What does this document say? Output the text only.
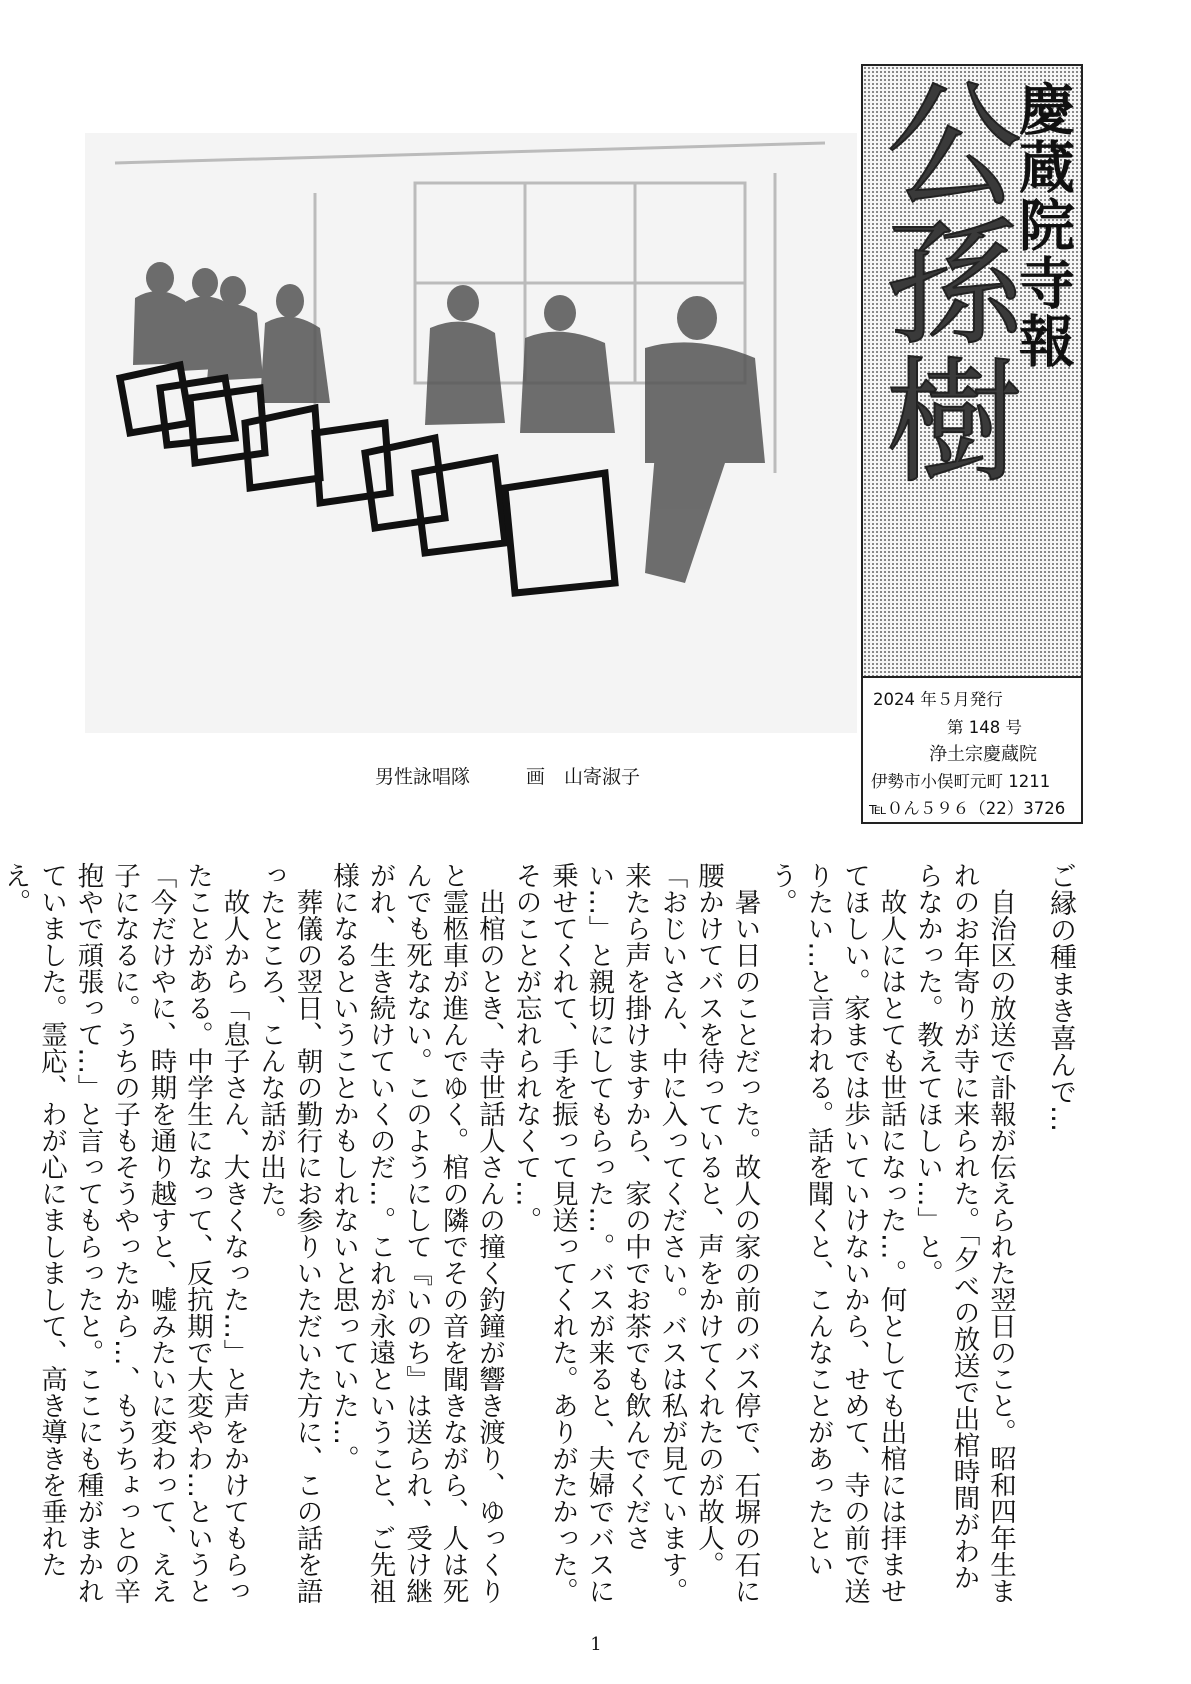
男性詠唱隊	画　山寄淑子
慶蔵院寺報
公孫樹
2024 年５月発行
第 148 号
浄土宗慶蔵院
伊勢市小俣町元町 1211
℡０ん５９６（22）3726
ご縁の種まき喜んで…

　自治区の放送で訃報が伝えられた翌日のこと。昭和四年生まれのお年寄りが寺に来られた。「夕べの放送で出棺時間がわからなかった。教えてほしい…」と。

　故人にはとても世話になった…。何としても出棺には拝ませてほしい。家までは歩いていけないから、せめて、寺の前で送りたい…と言われる。話を聞くと、こんなことがあったという。

　暑い日のことだった。故人の家の前のバス停で、石塀の石に腰かけてバスを待っていると、声をかけてくれたのが故人。「おじいさん、中に入ってください。バスは私が見ています。来たら声を掛けますから、家の中でお茶でも飲んでください…」と親切にしてもらった…。バスが来ると、夫婦でバスに乗せてくれて、手を振って見送ってくれた。ありがたかった。そのことが忘れられなくて…。

　出棺のとき、寺世話人さんの撞く釣鐘が響き渡り、ゆっくりと霊柩車が進んでゆく。棺の隣でその音を聞きながら、人は死んでも死なない。このようにして『いのち』は送られ、受け継がれ、生き続けていくのだ…。これが永遠ということ、ご先祖様になるということかもしれないと思っていた…。

　葬儀の翌日、朝の勤行にお参りいただいた方に、この話を語ったところ、こんな話が出た。

　故人から「息子さん、大きくなった…」と声をかけてもらったことがある。中学生になって、反抗期で大変やわ…というと「今だけやに、時期を通り越すと、嘘みたいに変わって、ええ子になるに。うちの子もそうやったから…、もうちょっとの辛抱やで頑張って…」と言ってもらったと。ここにも種がまかれていました。霊応、わが心にましまして、高き導きを垂れたえ。

1
